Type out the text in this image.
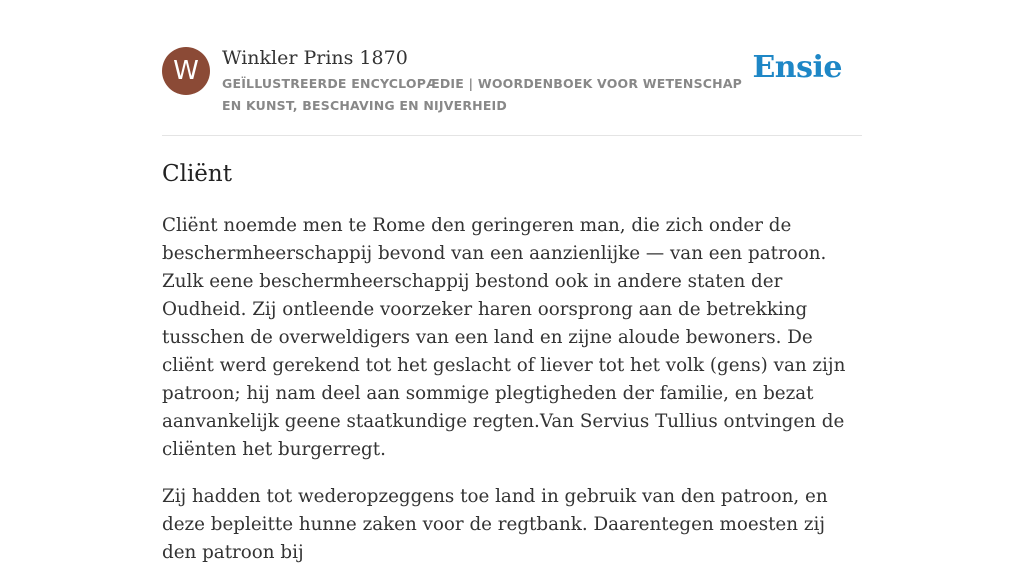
W	Winkler Prins 1870
GEÏLLUSTREERDE ENCYCLOPÆDIE | WOORDENBOEK VOOR WETENSCHAP EN KUNST, BESCHAVING EN NIJVERHEID
Ensie
Cliënt

Cliënt noemde men te Rome den geringeren man, die zich onder de beschermheerschappij bevond van een aanzienlijke — van een patroon. Zulk eene beschermheerschappij bestond ook in andere staten der Oudheid. Zij ontleende voorzeker haren oorsprong aan de betrekking tusschen de overweldigers van een land en zijne aloude bewoners. De cliënt werd gerekend tot het geslacht of liever tot het volk (gens) van zijn patroon; hij nam deel aan sommige plegtigheden der familie, en bezat aanvankelijk geene staatkundige regten.Van Servius Tullius ontvingen de cliënten het burgerregt.

Zij hadden tot wederopzeggens toe land in gebruik van den patroon, en deze bepleitte hunne zaken voor de regtbank. Daarentegen moesten zij den patroon bij
